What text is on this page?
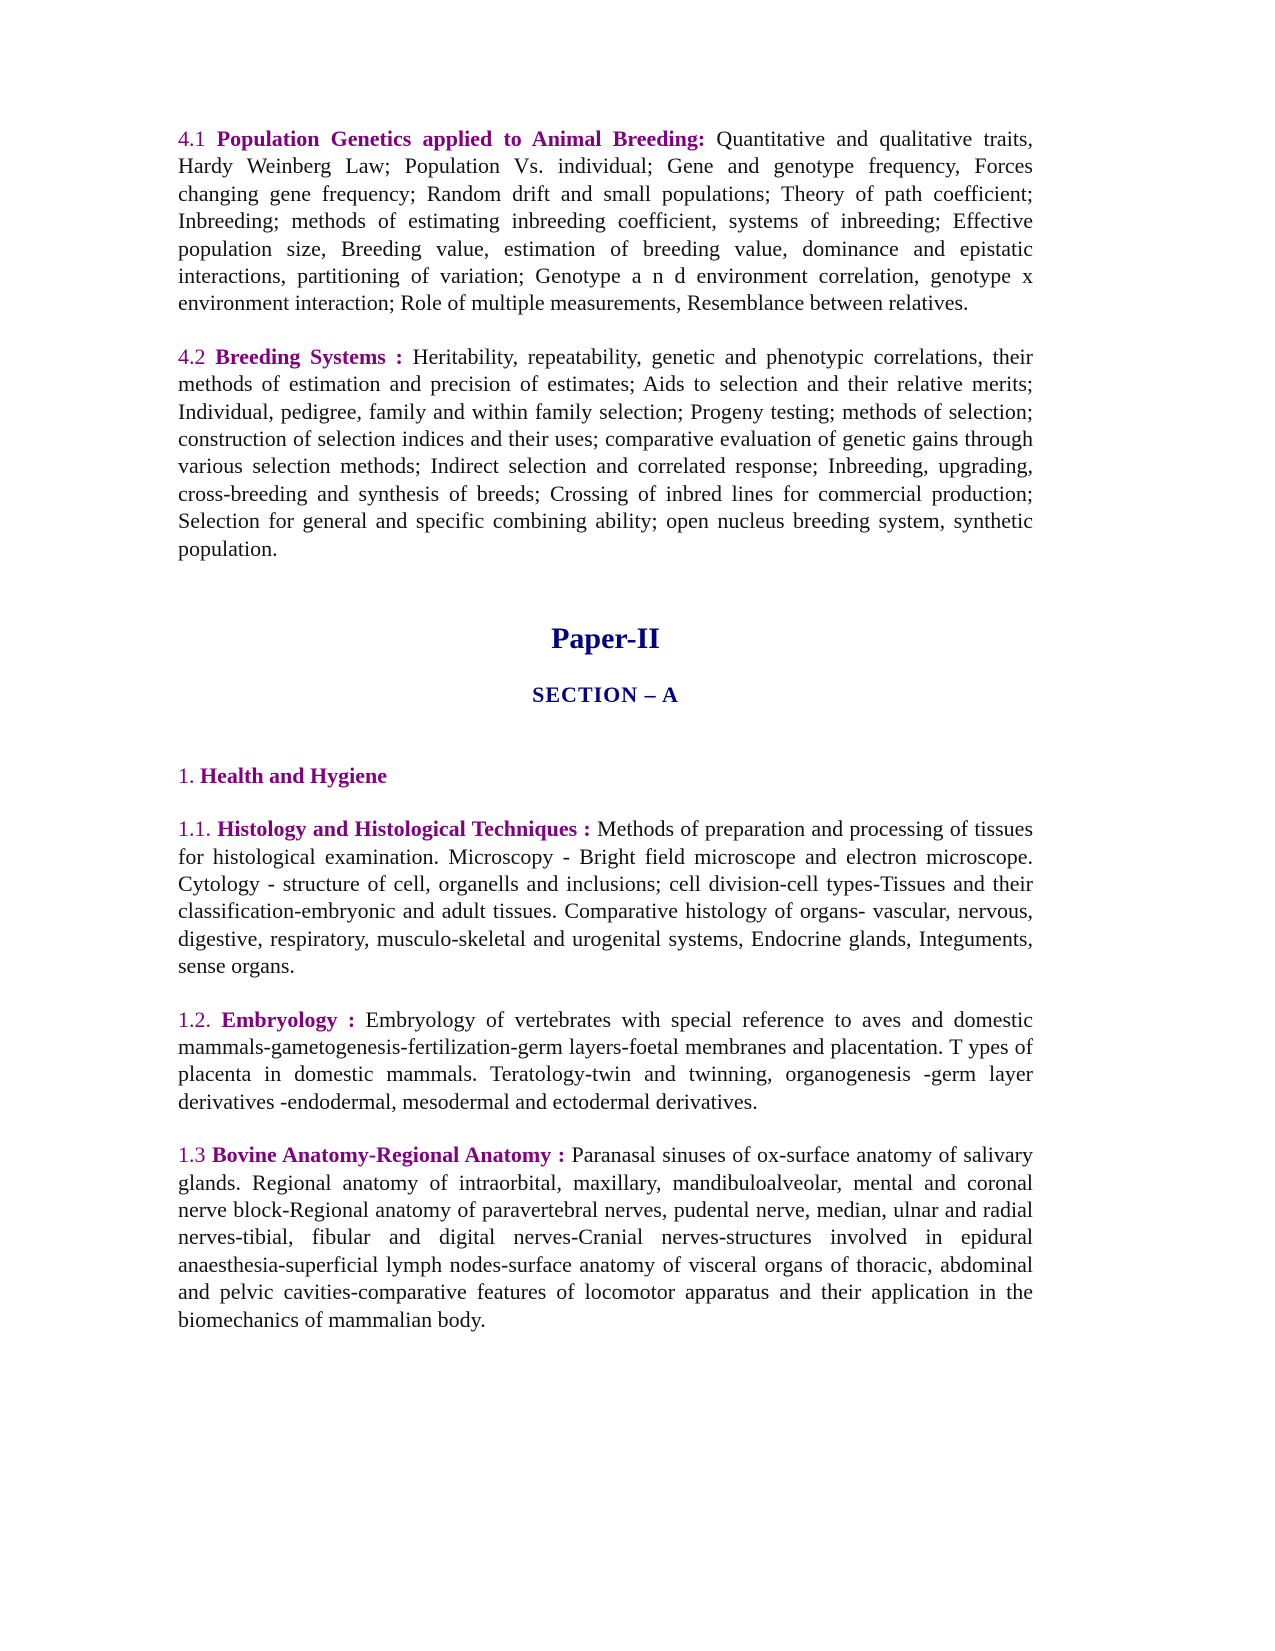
4.1 Population Genetics applied to Animal Breeding: Quantitative and qualitative traits, Hardy Weinberg Law; Population Vs. individual; Gene and genotype frequency, Forces changing gene frequency; Random drift and small populations; Theory of path coefficient; Inbreeding; methods of estimating inbreeding coefficient, systems of inbreeding; Effective population size, Breeding value, estimation of breeding value, dominance and epistatic interactions, partitioning of variation; Genotype a n d environment correlation, genotype x environment interaction; Role of multiple measurements, Resemblance between relatives.

4.2 Breeding Systems : Heritability, repeatability, genetic and phenotypic correlations, their methods of estimation and precision of estimates; Aids to selection and their relative merits; Individual, pedigree, family and within family selection; Progeny testing; methods of selection; construction of selection indices and their uses; comparative evaluation of genetic gains through various selection methods; Indirect selection and correlated response; Inbreeding, upgrading, cross-breeding and synthesis of breeds; Crossing of inbred lines for commercial production; Selection for general and specific combining ability; open nucleus breeding system, synthetic population.

Paper-II
SECTION – A
1. Health and Hygiene

1.1. Histology and Histological Techniques : Methods of preparation and processing of tissues for histological examination. Microscopy - Bright field microscope and electron microscope. Cytology - structure of cell, organells and inclusions; cell division-cell types-Tissues and their classification-embryonic and adult tissues. Comparative histology of organs- vascular, nervous, digestive, respiratory, musculo-skeletal and urogenital systems, Endocrine glands, Integuments, sense organs.

1.2. Embryology : Embryology of vertebrates with special reference to aves and domestic mammals-gametogenesis-fertilization-germ layers-foetal membranes and placentation. T ypes of placenta in domestic mammals. Teratology-twin and twinning, organogenesis -germ layer derivatives -endodermal, mesodermal and ectodermal derivatives.

1.3 Bovine Anatomy-Regional Anatomy : Paranasal sinuses of ox-surface anatomy of salivary glands. Regional anatomy of intraorbital, maxillary, mandibuloalveolar, mental and coronal nerve block-Regional anatomy of paravertebral nerves, pudental nerve, median, ulnar and radial nerves-tibial, fibular and digital nerves-Cranial nerves-structures involved in epidural anaesthesia-superficial lymph nodes-surface anatomy of visceral organs of thoracic, abdominal and pelvic cavities-comparative features of locomotor apparatus and their application in the biomechanics of mammalian body.
